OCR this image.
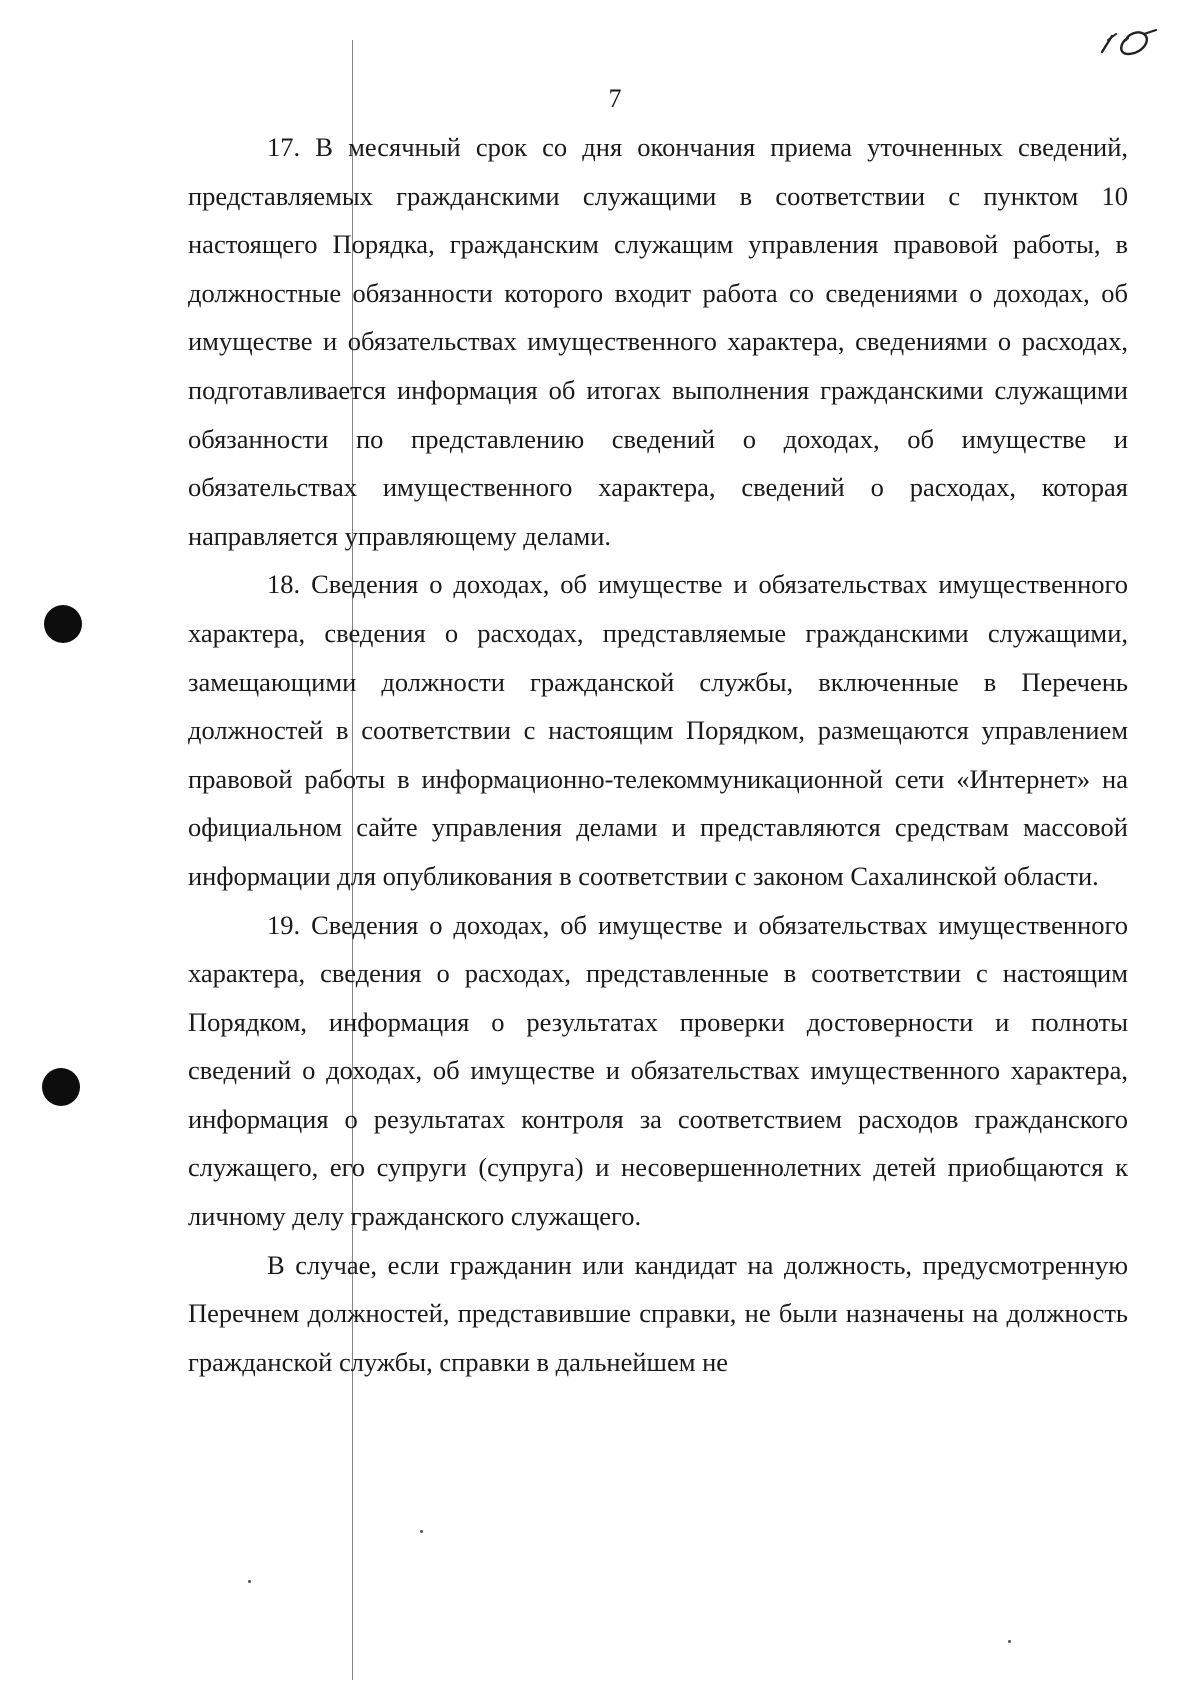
7

17. В месячный срок со дня окончания приема уточненных сведений, представляемых гражданскими служащими в соответствии с пунктом 10 настоящего Порядка, гражданским служащим управления правовой работы, в должностные обязанности которого входит работа со сведениями о доходах, об имуществе и обязательствах имущественного характера, сведениями о расходах, подготавливается информация об итогах выполнения гражданскими служащими обязанности по представлению сведений о доходах, об имуществе и обязательствах имущественного характера, сведений о расходах, которая направляется управляющему делами.

18. Сведения о доходах, об имуществе и обязательствах имущественного характера, сведения о расходах, представляемые гражданскими служащими, замещающими должности гражданской службы, включенные в Перечень должностей в соответствии с настоящим Порядком, размещаются управлением правовой работы в информационно-телекоммуникационной сети «Интернет» на официальном сайте управления делами и представляются средствам массовой информации для опубликования в соответствии с законом Сахалинской области.

19. Сведения о доходах, об имуществе и обязательствах имущественного характера, сведения о расходах, представленные в соответствии с настоящим Порядком, информация о результатах проверки достоверности и полноты сведений о доходах, об имуществе и обязательствах имущественного характера, информация о результатах контроля за соответствием расходов гражданского служащего, его супруги (супруга) и несовершеннолетних детей приобщаются к личному делу гражданского служащего.

В случае, если гражданин или кандидат на должность, предусмотренную Перечнем должностей, представившие справки, не были назначены на должность гражданской службы, справки в дальнейшем не
